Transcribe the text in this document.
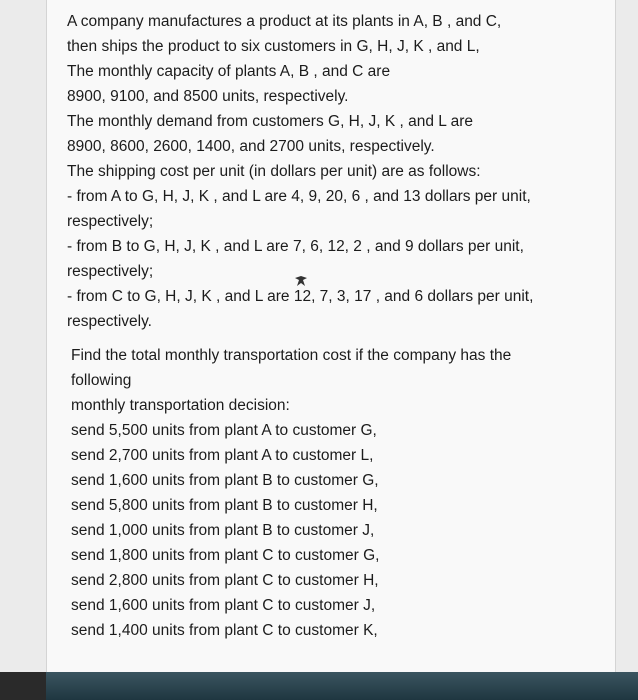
A company manufactures a product at its plants in A, B , and C,
then ships the product to six customers in G, H, J, K , and L,
The monthly capacity of plants A, B , and C are
8900, 9100, and 8500 units, respectively.
The monthly demand from customers G, H, J, K , and L are
8900, 8600, 2600, 1400, and 2700 units, respectively.
The shipping cost per unit (in dollars per unit) are as follows:
- from A to G, H, J, K , and L are 4, 9, 20, 6 , and 13 dollars per unit,
respectively;
- from B to G, H, J, K , and L are 7, 6, 12, 2 , and 9 dollars per unit,
respectively;
- from C to G, H, J, K , and L are 12, 7, 3, 17 , and 6 dollars per unit,
respectively.
Find the total monthly transportation cost if the company has the
following
monthly transportation decision:
send 5,500 units from plant A to customer G,
send 2,700 units from plant A to customer L,
send 1,600 units from plant B to customer G,
send 5,800 units from plant B to customer H,
send 1,000 units from plant B to customer J,
send 1,800 units from plant C to customer G,
send 2,800 units from plant C to customer H,
send 1,600 units from plant C to customer J,
send 1,400 units from plant C to customer K,
